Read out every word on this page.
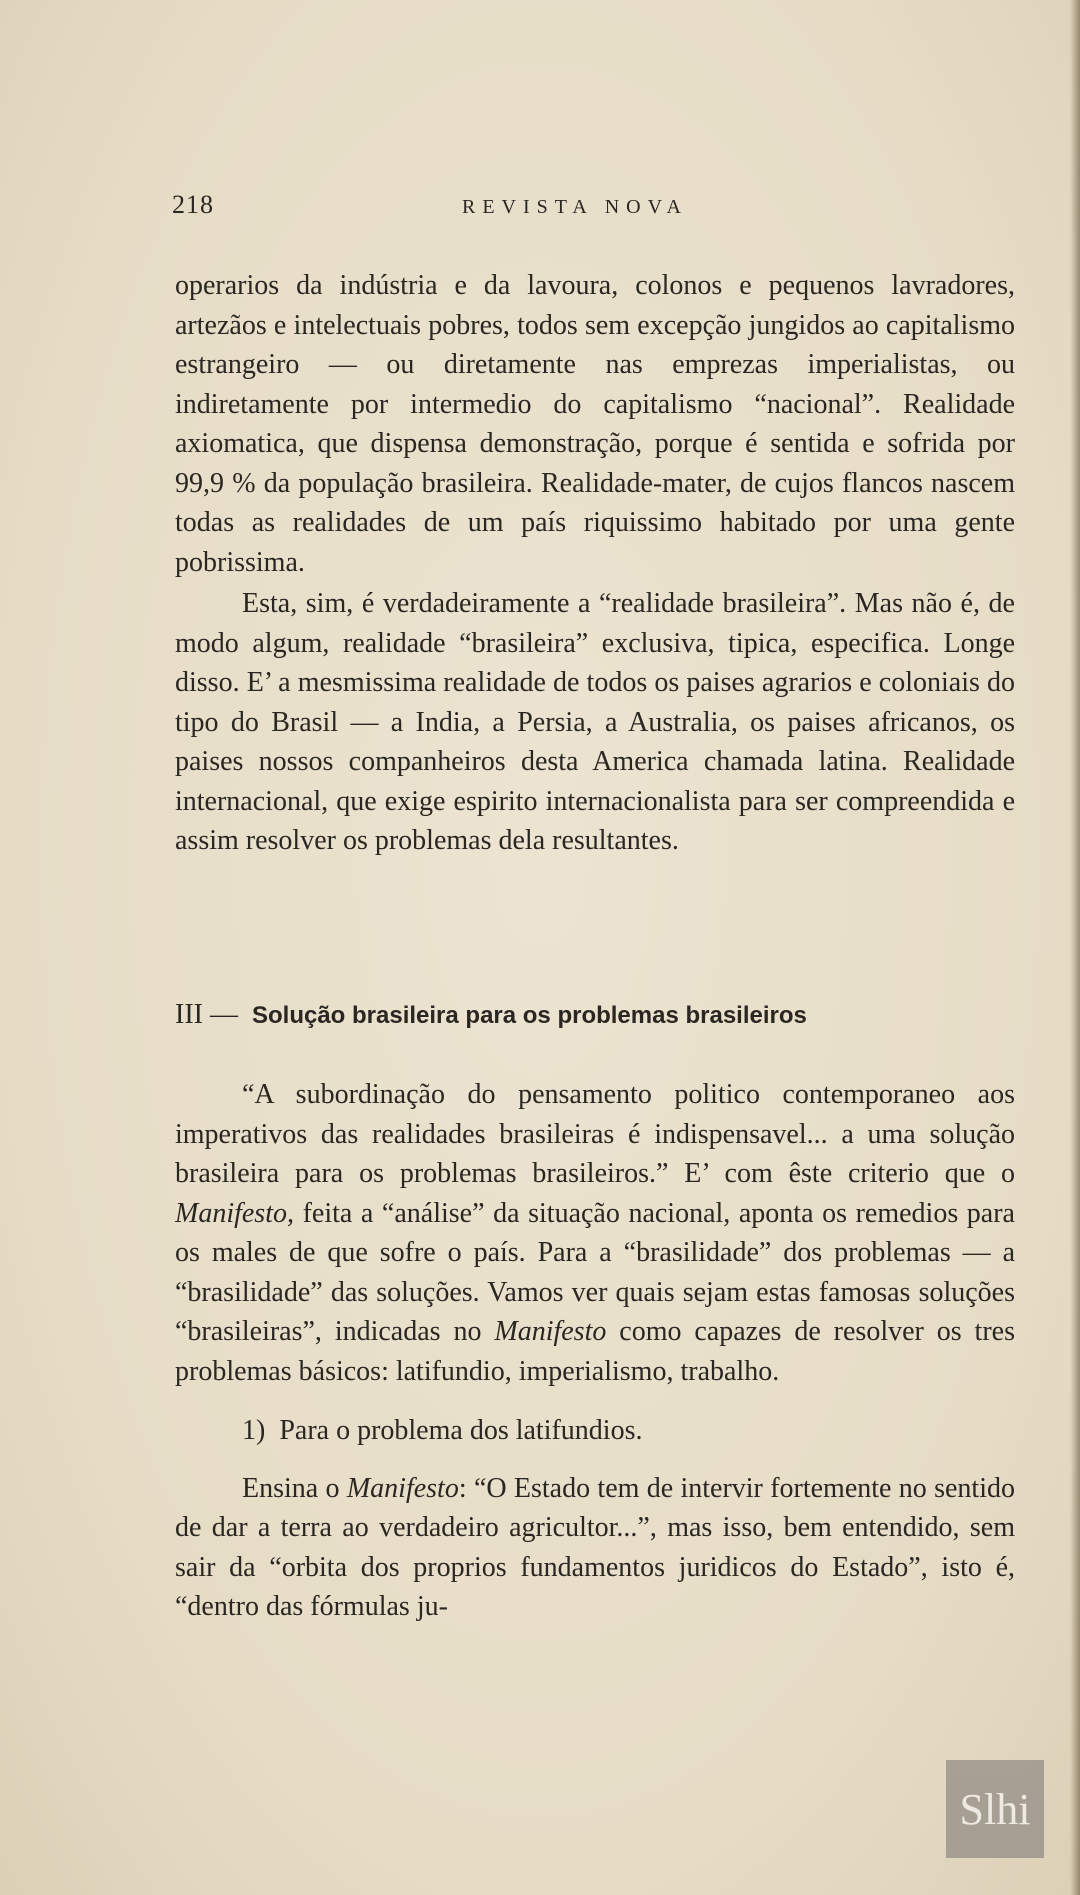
218	REVISTA NOVA

operarios da indústria e da lavoura, colonos e pequenos lavradores, artezãos e intelectuais pobres, todos sem excepção jungidos ao capitalismo estrangeiro — ou diretamente nas emprezas imperialistas, ou indiretamente por intermedio do capitalismo “nacional”. Realidade axiomatica, que dispensa demonstração, porque é sentida e sofrida por 99,9 % da população brasileira. Realidade-mater, de cujos flancos nascem todas as realidades de um país riquissimo habitado por uma gente pobrissima.

Esta, sim, é verdadeiramente a “realidade brasileira”. Mas não é, de modo algum, realidade “brasileira” exclusiva, tipica, especifica. Longe disso. E’ a mesmissima realidade de todos os paises agrarios e coloniais do tipo do Brasil — a India, a Persia, a Australia, os paises africanos, os paises nossos companheiros desta America chamada latina. Realidade internacional, que exige espirito internacionalista para ser compreendida e assim resolver os problemas dela resultantes.

III — Solução brasileira para os problemas brasileiros

“A subordinação do pensamento politico contemporaneo aos imperativos das realidades brasileiras é indispensavel... a uma solução brasileira para os problemas brasileiros.” E’ com êste criterio que o Manifesto, feita a “análise” da situação nacional, aponta os remedios para os males de que sofre o país. Para a “brasilidade” dos problemas — a “brasilidade” das soluções. Vamos ver quais sejam estas famosas soluções “brasileiras”, indicadas no Manifesto como capazes de resolver os tres problemas básicos: latifundio, imperialismo, trabalho.

1)  Para o problema dos latifundios.

Ensina o Manifesto: “O Estado tem de intervir fortemente no sentido de dar a terra ao verdadeiro agricultor...”, mas isso, bem entendido, sem sair da “orbita dos proprios fundamentos juridicos do Estado”, isto é, “dentro das fórmulas ju-

Slhi
